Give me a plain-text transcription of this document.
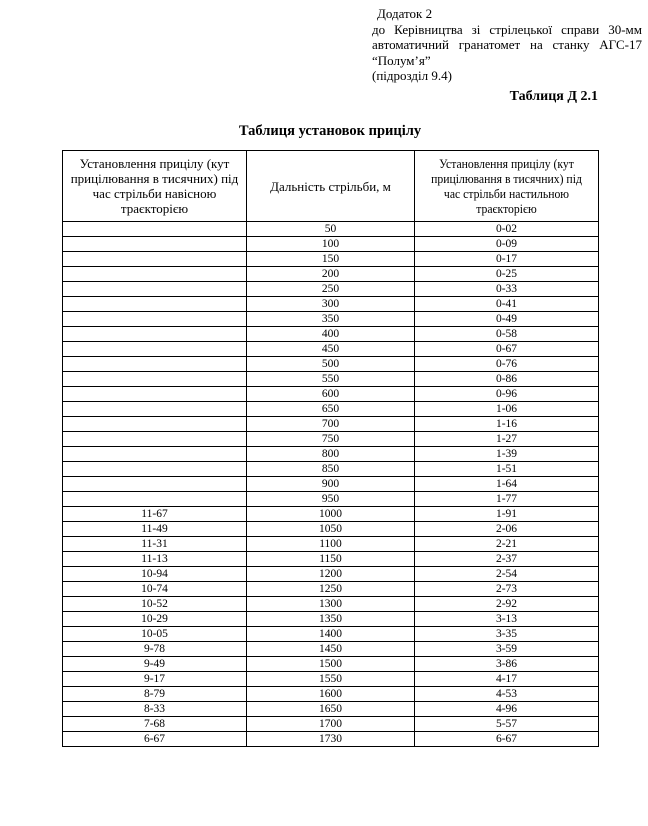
Додаток 2
до Керівництва зі стрілецької справи 30-мм автоматичний гранатомет на станку АГС-17 “Полум’я”
(підрозділ 9.4)
Таблиця Д 2.1
Таблиця установок прицілу
Установлення прицілу (кут прицілювання в тисячних) під час стрільби навісною траєкторією	Дальність стрільби, м	Установлення прицілу (кут прицілювання в тисячних) під час стрільби настильною траєкторією
	50	0-02
	100	0-09
	150	0-17
	200	0-25
	250	0-33
	300	0-41
	350	0-49
	400	0-58
	450	0-67
	500	0-76
	550	0-86
	600	0-96
	650	1-06
	700	1-16
	750	1-27
	800	1-39
	850	1-51
	900	1-64
	950	1-77
11-67	1000	1-91
11-49	1050	2-06
11-31	1100	2-21
11-13	1150	2-37
10-94	1200	2-54
10-74	1250	2-73
10-52	1300	2-92
10-29	1350	3-13
10-05	1400	3-35
9-78	1450	3-59
9-49	1500	3-86
9-17	1550	4-17
8-79	1600	4-53
8-33	1650	4-96
7-68	1700	5-57
6-67	1730	6-67
